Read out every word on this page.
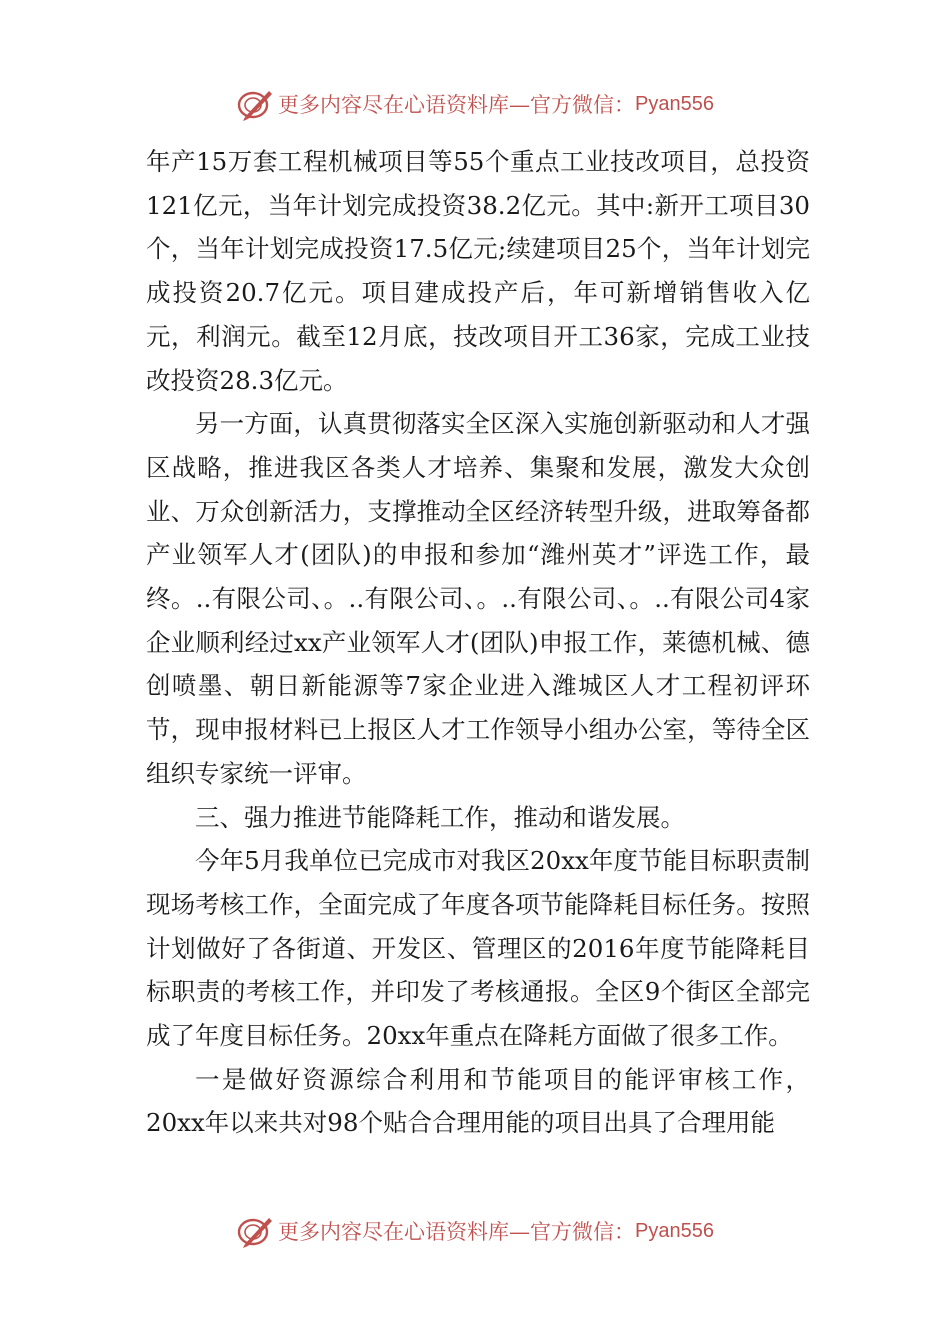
更多内容尽在心语资料库—官方微信： Pyan556

年产15万套工程机械项目等55个重点工业技改项目，总投资121亿元，当年计划完成投资38.2亿元。其中:新开工项目30个，当年计划完成投资17.5亿元;续建项目25个，当年计划完成投资20.7亿元。项目建成投产后，年可新增销售收入亿元，利润元。截至12月底，技改项目开工36家，完成工业技改投资28.3亿元。

另一方面，认真贯彻落实全区深入实施创新驱动和人才强区战略，推进我区各类人才培养、集聚和发展，激发大众创业、万众创新活力，支撑推动全区经济转型升级，进取筹备都产业领军人才(团队)的申报和参加“潍州英才”评选工作，最终。..有限公司、。..有限公司、。..有限公司、。..有限公司4家企业顺利经过xx产业领军人才(团队)申报工作，莱德机械、德创喷墨、朝日新能源等7家企业进入潍城区人才工程初评环节，现申报材料已上报区人才工作领导小组办公室，等待全区组织专家统一评审。

三、强力推进节能降耗工作，推动和谐发展。

今年5月我单位已完成市对我区20xx年度节能目标职责制现场考核工作，全面完成了年度各项节能降耗目标任务。按照计划做好了各街道、开发区、管理区的2016年度节能降耗目标职责的考核工作，并印发了考核通报。全区9个街区全部完成了年度目标任务。20xx年重点在降耗方面做了很多工作。

一是做好资源综合利用和节能项目的能评审核工作，20xx年以来共对98个贴合合理用能的项目出具了合理用能

更多内容尽在心语资料库—官方微信： Pyan556
